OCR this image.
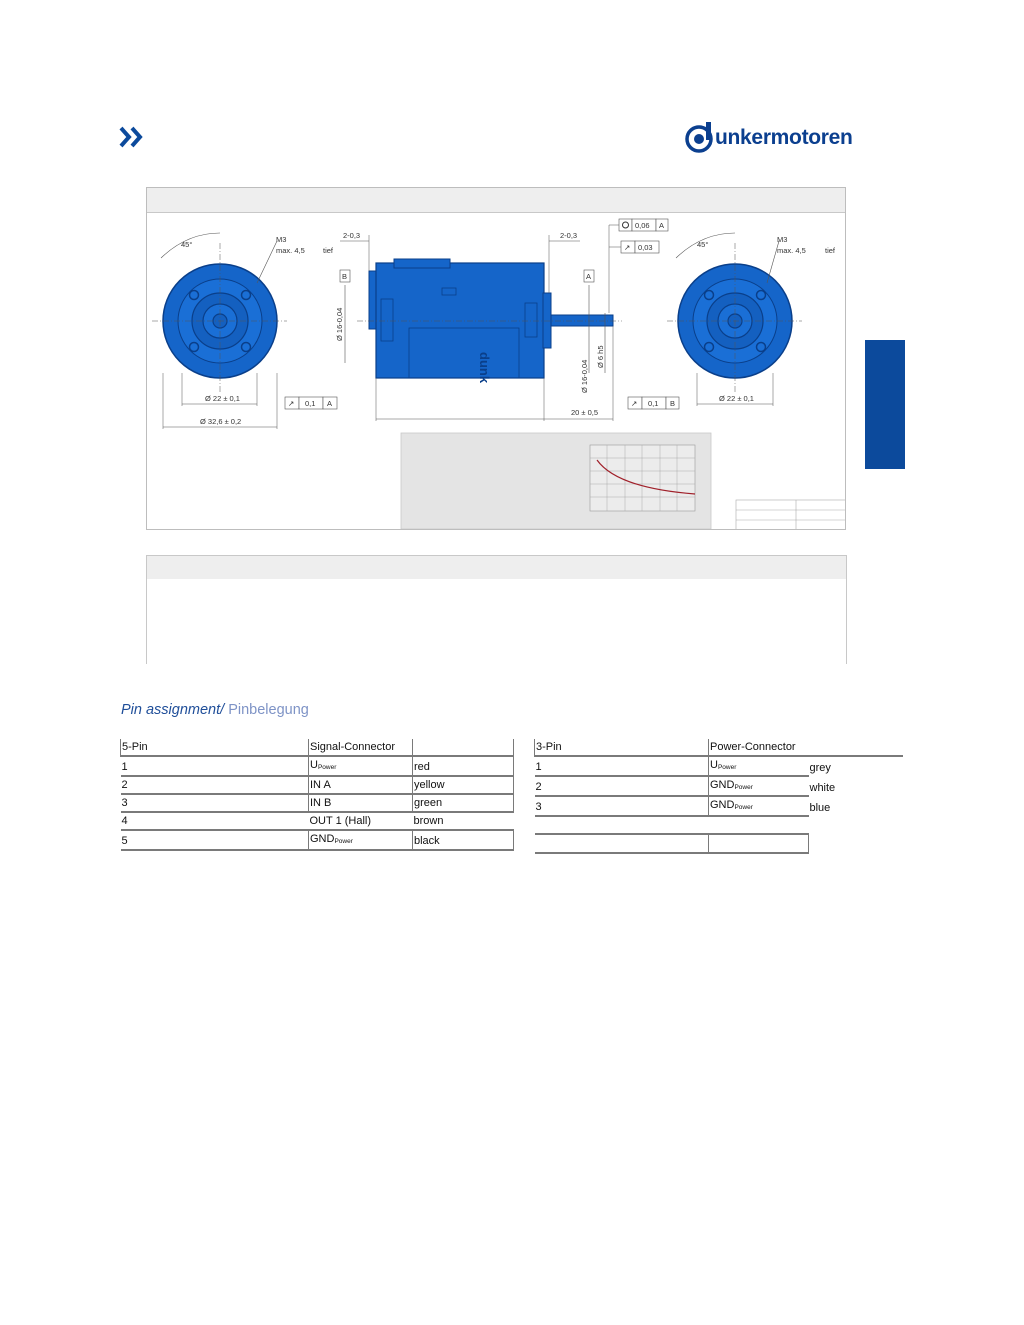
unkermotoren
45°
M3
max. 4,5 tief
Ø 22 ± 0,1
Ø 32,6 ± 0,2
↗ 0,1 A
dunk
20 ± 0,5
2-0,3	2-0,3
B
Ø 16-0,04
A
Ø 16-0,04
Ø 6 h5
0,06 A
↗ 0,03	45°
M3
max. 4,5	tief
Ø 22 ± 0,1
↗ 0,1 B
Pin assignment/ Pinbelegung
5-Pin	Signal-Connector	
1	$U_{Power}$	red
2	IN A	yellow
3	IN B	green
4	OUT 1 (Hall)	brown
5	$GND_{Power}$	black
3-Pin	Power-Connector	
1	$U_{Power}$	grey
2	$GND_{Power}$	white
3	$GND_{Power}$	blue
